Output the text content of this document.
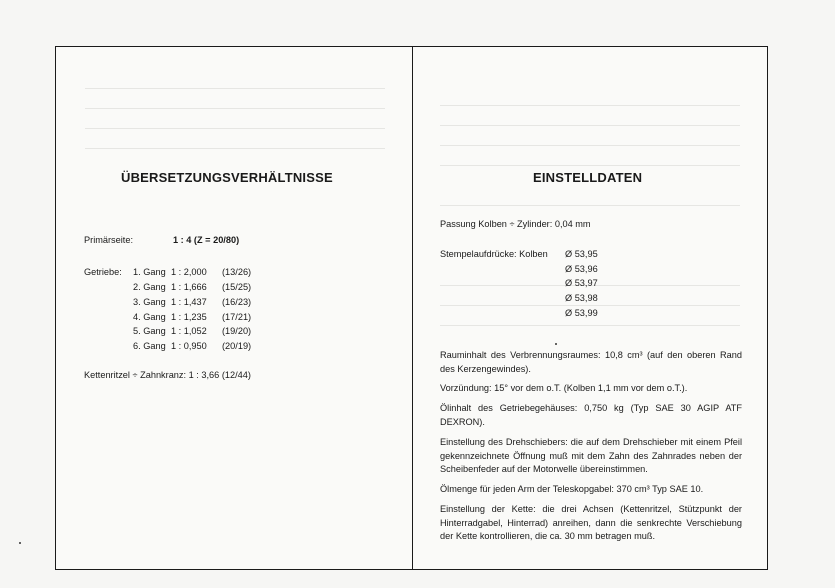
ÜBERSETZUNGSVERHÄLTNISSE
Primärseite:	1 : 4 (Z = 20/80)
Getriebe: 1. Gang 1 : 2,000 (13/26)
2. Gang 1 : 1,666 (15/25)
3. Gang 1 : 1,437 (16/23)
4. Gang 1 : 1,235 (17/21)
5. Gang 1 : 1,052 (19/20)
6. Gang 1 : 0,950 (20/19)
Kettenritzel ÷ Zahnkranz: 1 : 3,66 (12/44)
EINSTELLDATEN
Passung Kolben ÷ Zylinder: 0,04 mm
Stempelaufdrücke: Kolben Ø 53,95
Ø 53,96
Ø 53,97
Ø 53,98
Ø 53,99
Rauminhalt des Verbrennungsraumes: 10,8 cm³ (auf den oberen Rand des Kerzengewindes).
Vorzündung: 15° vor dem o.T. (Kolben 1,1 mm vor dem o.T.).
Ölinhalt des Getriebegehäuses: 0,750 kg (Typ SAE 30 AGIP ATF DEXRON).
Einstellung des Drehschiebers: die auf dem Drehschieber mit einem Pfeil gekennzeichnete Öffnung muß mit dem Zahn des Zahnrades neben der Scheibenfeder auf der Motorwelle übereinstimmen.
Ölmenge für jeden Arm der Teleskopgabel: 370 cm³ Typ SAE 10.
Einstellung der Kette: die drei Achsen (Kettenritzel, Stützpunkt der Hinterradgabel, Hinterrad) anreihen, dann die senkrechte Verschiebung der Kette kontrollieren, die ca. 30 mm betragen muß.
